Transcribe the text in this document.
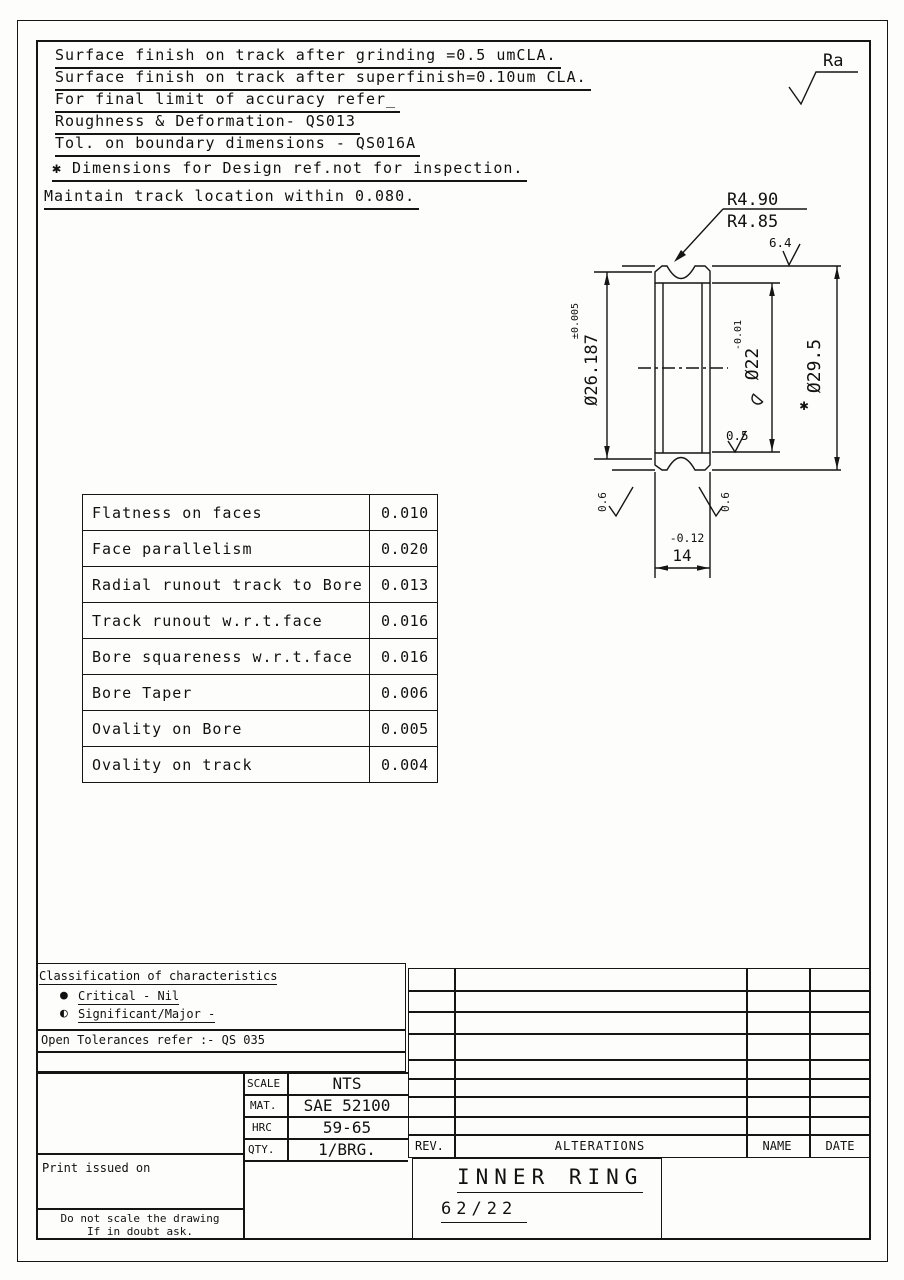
Surface finish on track after grinding =0.5 umCLA.
Surface finish on track after superfinish=0.10um CLA.
For final limit of accuracy refer_
Roughness & Deformation- QS013
Tol. on boundary dimensions - QS016A
✱ Dimensions for Design ref.not for inspection.
Maintain track location within 0.080.
Ra
R4.90
R4.85
6.4
±0.005
Ø26.187	-0.01
Ø22 Ø29.5
✱
0.5
0.6	0.6
-0.12
14
Flatness on faces	0.010
Face parallelism	0.020
Radial runout track to Bore	0.013
Track runout w.r.t.face	0.016
Bore squareness w.r.t.face	0.016
Bore Taper	0.006
Ovality on Bore	0.005
Ovality on track	0.004
Classification of characteristics
● Critical - Nil
◐ Significant/Major -
Open Tolerances refer :- QS 035
REV.	ALTERATIONS	NAME	DATE
SCALE	NTS
MAT. SAE 52100
HRC	59-65
QTY.	1/BRG.
INNER RING
62/22
Print issued on
Do not scale the drawing
If in doubt ask.
